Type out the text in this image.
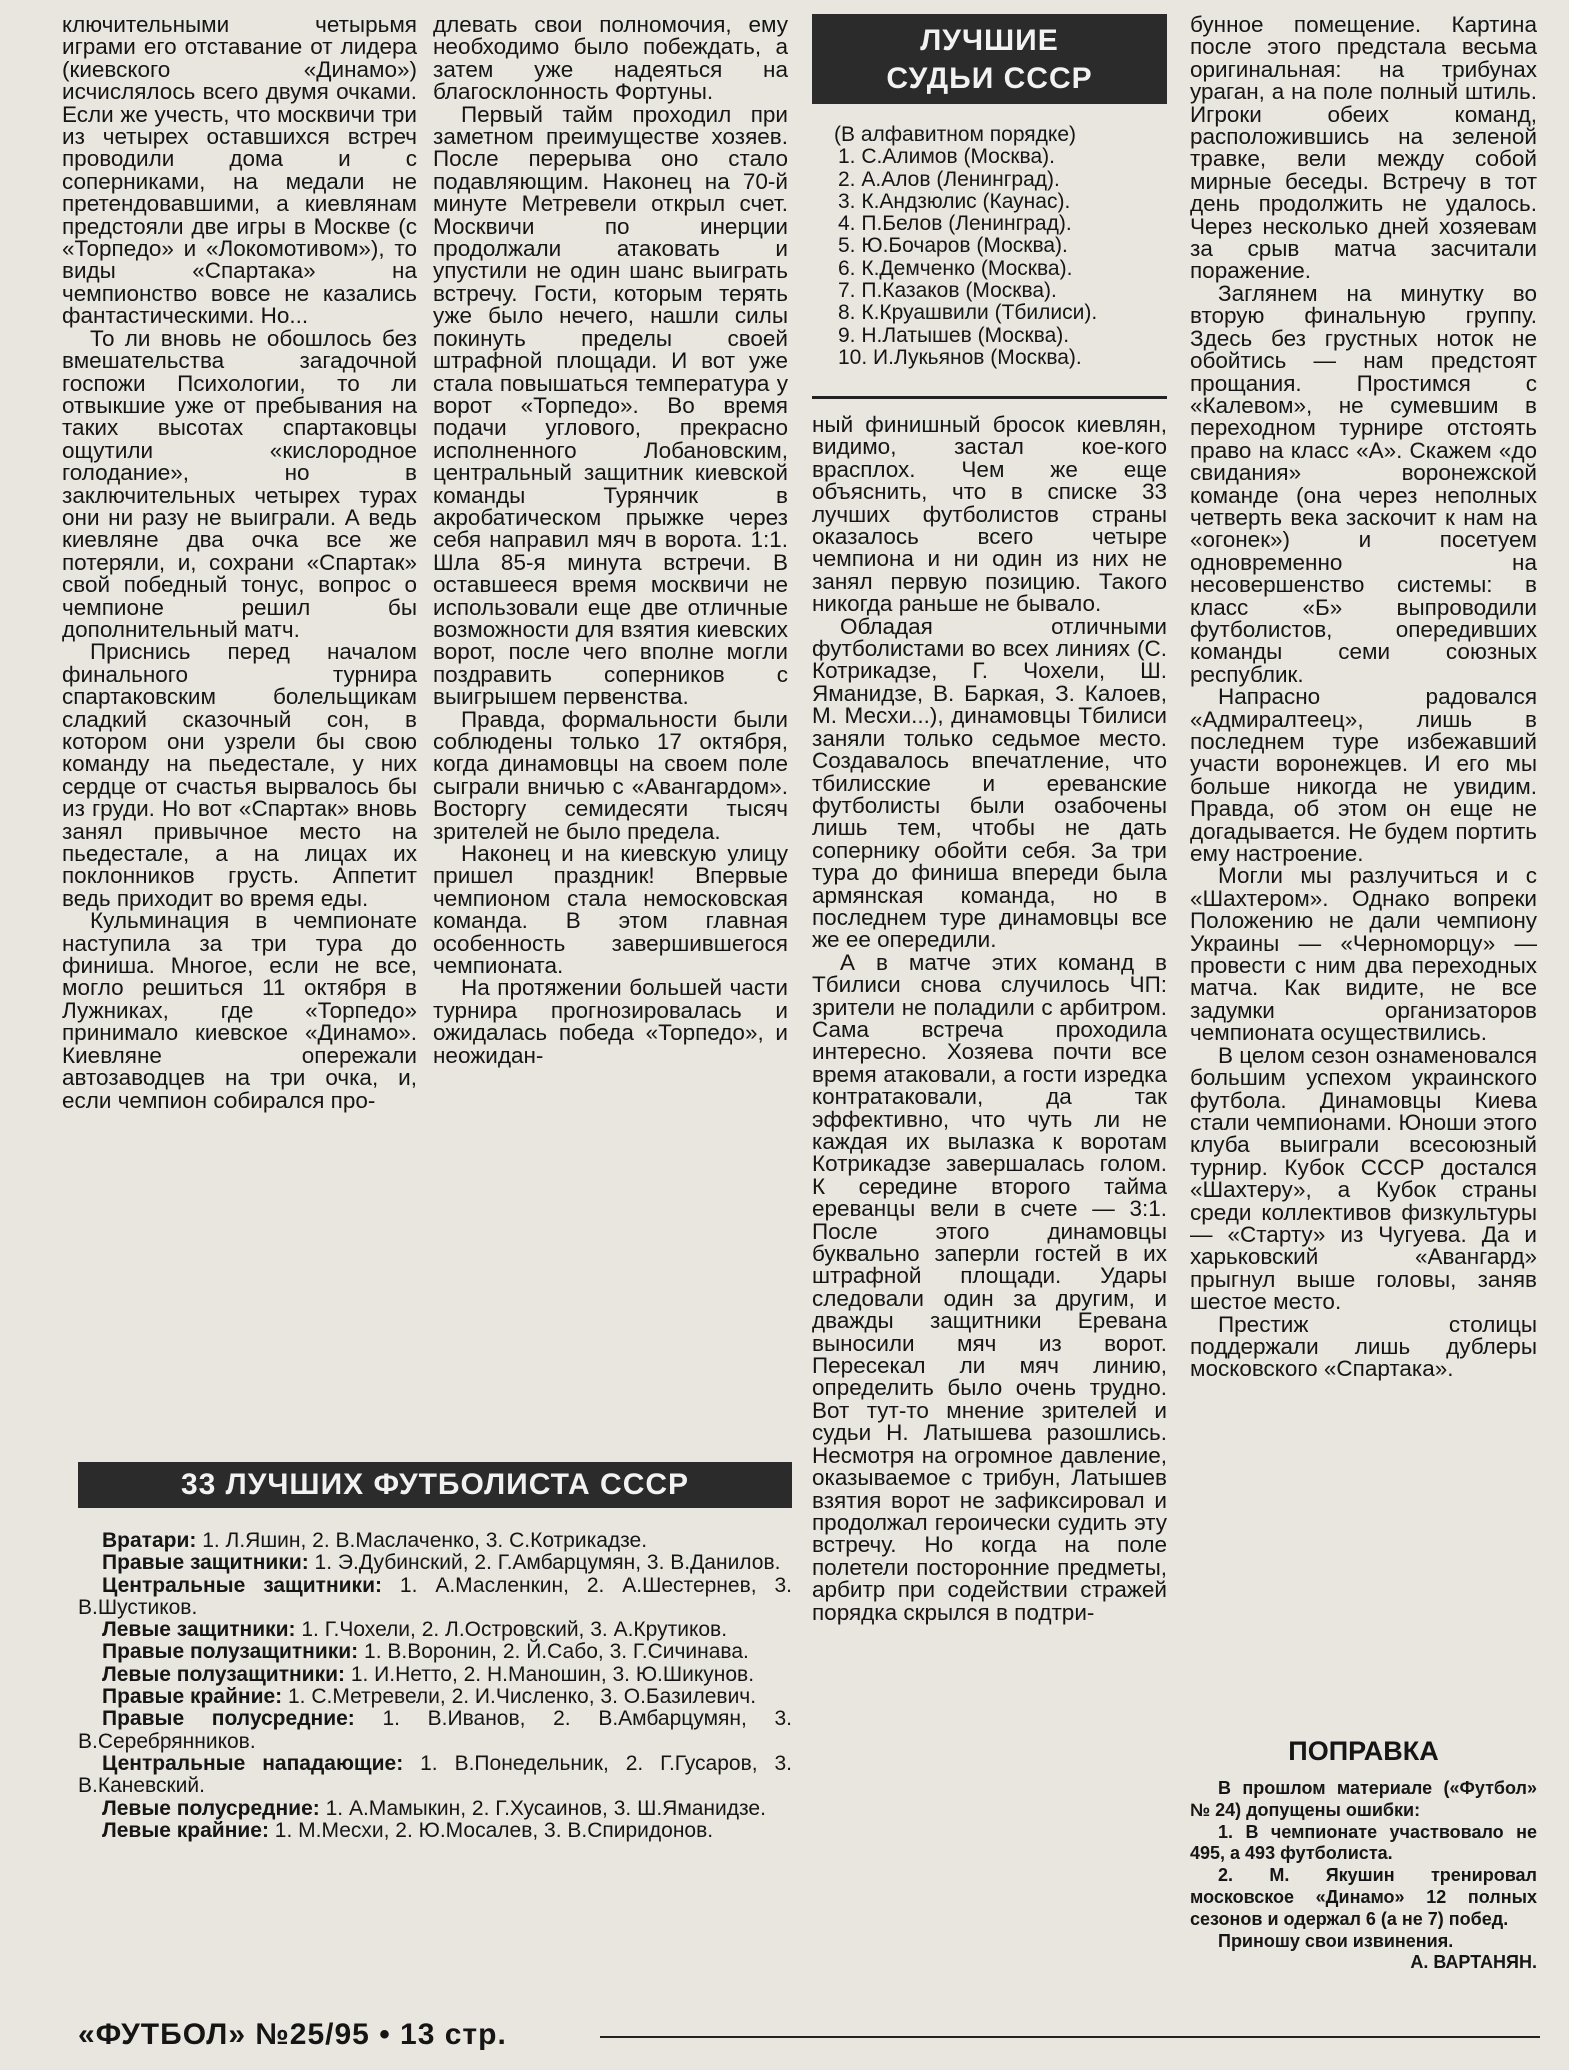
ключительными четырьмя играми его отставание от лидера (киевского «Динамо») исчислялось всего двумя очками. Если же учесть, что москвичи три из четырех оставшихся встреч проводили дома и с соперниками, на медали не претендовавшими, а киевлянам предстояли две игры в Москве (с «Торпедо» и «Локомотивом»), то виды «Спартака» на чемпионство вовсе не казались фантастическими. Но...

То ли вновь не обошлось без вмешательства загадочной госпожи Психологии, то ли отвыкшие уже от пребывания на таких высотах спартаковцы ощутили «кислородное голодание», но в заключительных четырех турах они ни разу не выиграли. А ведь киевляне два очка все же потеряли, и, сохрани «Спартак» свой победный тонус, вопрос о чемпионе решил бы дополнительный матч.

Приснись перед началом финального турнира спартаковским болельщикам сладкий сказочный сон, в котором они узрели бы свою команду на пьедестале, у них сердце от счастья вырвалось бы из груди. Но вот «Спартак» вновь занял привычное место на пьедестале, а на лицах их поклонников грусть. Аппетит ведь приходит во время еды.

Кульминация в чемпионате наступила за три тура до финиша. Многое, если не все, могло решиться 11 октября в Лужниках, где «Торпедо» принимало киевское «Динамо». Киевляне опережали автозаводцев на три очка, и, если чемпион собирался про-

длевать свои полномочия, ему необходимо было побеждать, а затем уже надеяться на благосклонность Фортуны.

Первый тайм проходил при заметном преимуществе хозяев. После перерыва оно стало подавляющим. Наконец на 70-й минуте Метревели открыл счет. Москвичи по инерции продолжали атаковать и упустили не один шанс выиграть встречу. Гости, которым терять уже было нечего, нашли силы покинуть пределы своей штрафной площади. И вот уже стала повышаться температура у ворот «Торпедо». Во время подачи углового, прекрасно исполненного Лобановским, центральный защитник киевской команды Турянчик в акробатическом прыжке через себя направил мяч в ворота. 1:1. Шла 85-я минута встречи. В оставшееся время москвичи не использовали еще две отличные возможности для взятия киевских ворот, после чего вполне могли поздравить соперников с выигрышем первенства.

Правда, формальности были соблюдены только 17 октября, когда динамовцы на своем поле сыграли вничью с «Авангардом». Восторгу семидесяти тысяч зрителей не было предела.

Наконец и на киевскую улицу пришел праздник! Впервые чемпионом стала немосковская команда. В этом главная особенность завершившегося чемпионата.

На протяжении большей части турнира прогнозировалась и ожидалась победа «Торпедо», и неожидан-

ЛУЧШИЕ
СУДЬИ СССР
(В алфавитном порядке)
1. С.Алимов (Москва).
2. А.Алов (Ленинград).
3. К.Андзюлис (Каунас).
4. П.Белов (Ленинград).
5. Ю.Бочаров (Москва).
6. К.Демченко (Москва).
7. П.Казаков (Москва).
8. К.Круашвили (Тбилиси).
9. Н.Латышев (Москва).
10. И.Лукьянов (Москва).

ный финишный бросок киевлян, видимо, застал кое-кого врасплох. Чем же еще объяснить, что в списке 33 лучших футболистов страны оказалось всего четыре чемпиона и ни один из них не занял первую позицию. Такого никогда раньше не бывало.

Обладая отличными футболистами во всех линиях (С. Котрикадзе, Г. Чохели, Ш. Яманидзе, В. Баркая, З. Калоев, М. Месхи...), динамовцы Тбилиси заняли только седьмое место. Создавалось впечатление, что тбилисские и ереванские футболисты были озабочены лишь тем, чтобы не дать сопернику обойти себя. За три тура до финиша впереди была армянская команда, но в последнем туре динамовцы все же ее опередили.

А в матче этих команд в Тбилиси снова случилось ЧП: зрители не поладили с арбитром. Сама встреча проходила интересно. Хозяева почти все время атаковали, а гости изредка контратаковали, да так эффективно, что чуть ли не каждая их вылазка к воротам Котрикадзе завершалась голом. К середине второго тайма ереванцы вели в счете — 3:1. После этого динамовцы буквально заперли гостей в их штрафной площади. Удары следовали один за другим, и дважды защитники Еревана выносили мяч из ворот. Пересекал ли мяч линию, определить было очень трудно. Вот тут-то мнение зрителей и судьи Н. Латышева разошлись. Несмотря на огромное давление, оказываемое с трибун, Латышев взятия ворот не зафиксировал и продолжал героически судить эту встречу. Но когда на поле полетели посторонние предметы, арбитр при содействии стражей порядка скрылся в подтри-

бунное помещение. Картина после этого предстала весьма оригинальная: на трибунах ураган, а на поле полный штиль. Игроки обеих команд, расположившись на зеленой травке, вели между собой мирные беседы. Встречу в тот день продолжить не удалось. Через несколько дней хозяевам за срыв матча засчитали поражение.

Заглянем на минутку во вторую финальную группу. Здесь без грустных ноток не обойтись — нам предстоят прощания. Простимся с «Калевом», не сумевшим в переходном турнире отстоять право на класс «А». Скажем «до свидания» воронежской команде (она через неполных четверть века заскочит к нам на «огонек») и посетуем одновременно на несовершенство системы: в класс «Б» выпроводили футболистов, опередивших команды семи союзных республик.

Напрасно радовался «Адмиралтеец», лишь в последнем туре избежавший участи воронежцев. И его мы больше никогда не увидим. Правда, об этом он еще не догадывается. Не будем портить ему настроение.

Могли мы разлучиться и с «Шахтером». Однако вопреки Положению не дали чемпиону Украины — «Черноморцу» — провести с ним два переходных матча. Как видите, не все задумки организаторов чемпионата осуществились.

В целом сезон ознаменовался большим успехом украинского футбола. Динамовцы Киева стали чемпионами. Юноши этого клуба выиграли всесоюзный турнир. Кубок СССР достался «Шахтеру», а Кубок страны среди коллективов физкультуры — «Старту» из Чугуева. Да и харьковский «Авангард» прыгнул выше головы, заняв шестое место.

Престиж столицы поддержали лишь дублеры московского «Спартака».

33 ЛУЧШИХ ФУТБОЛИСТА СССР
Вратари: 1. Л.Яшин, 2. В.Маслаченко, 3. С.Котрикадзе.
Правые защитники: 1. Э.Дубинский, 2. Г.Амбарцумян, 3. В.Данилов.
Центральные защитники: 1. А.Масленкин, 2. А.Шестернев, 3. В.Шустиков.
Левые защитники: 1. Г.Чохели, 2. Л.Островский, 3. А.Крутиков.
Правые полузащитники: 1. В.Воронин, 2. Й.Сабо, 3. Г.Сичинава.
Левые полузащитники: 1. И.Нетто, 2. Н.Маношин, 3. Ю.Шикунов.
Правые крайние: 1. С.Метревели, 2. И.Численко, 3. О.Базилевич.
Правые полусредние: 1. В.Иванов, 2. В.Амбарцумян, 3. В.Серебрянников.
Центральные нападающие: 1. В.Понедельник, 2. Г.Гусаров, 3. В.Каневский.
Левые полусредние: 1. А.Мамыкин, 2. Г.Хусаинов, 3. Ш.Яманидзе.
Левые крайние: 1. М.Месхи, 2. Ю.Мосалев, 3. В.Спиридонов.
ПОПРАВКА

В прошлом материале («Футбол» № 24) допущены ошибки:

1. В чемпионате участвовало не 495, а 493 футболиста.

2. М. Якушин тренировал московское «Динамо» 12 полных сезонов и одержал 6 (а не 7) побед.

Приношу свои извинения.

А. ВАРТАНЯН.
«ФУТБОЛ» №25/95 • 13 стр.
